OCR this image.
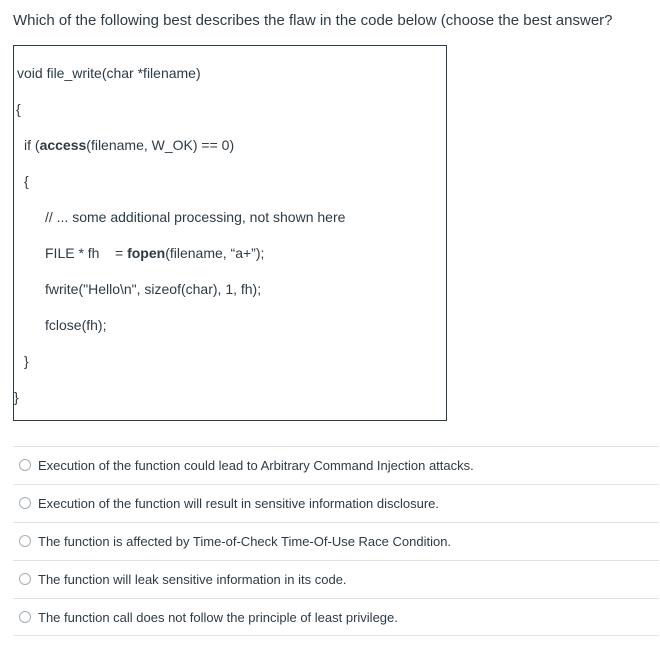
Which of the following best describes the flaw in the code below (choose the best answer?
void file_write(char *filename)
{
if (access(filename, W_OK) == 0)
{
// ... some additional processing, not shown here
FILE * fh    = fopen(filename, “a+”);
fwrite("Hello\n", sizeof(char), 1, fh);
fclose(fh);
}
}
Execution of the function could lead to Arbitrary Command Injection attacks.
Execution of the function will result in sensitive information disclosure.
The function is affected by Time-of-Check Time-Of-Use Race Condition.
The function will leak sensitive information in its code.
The function call does not follow the principle of least privilege.
